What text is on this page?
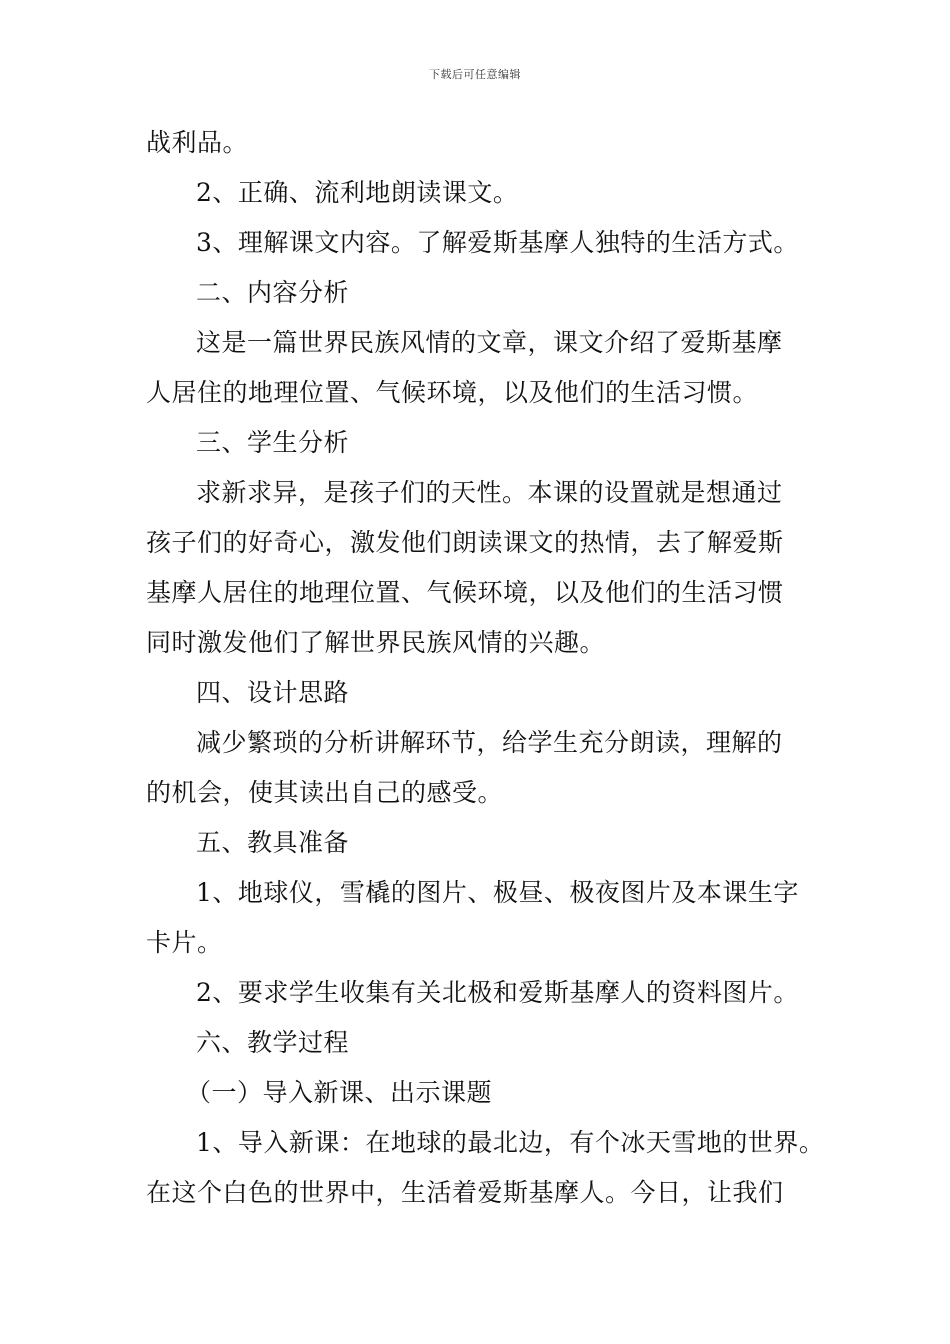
下载后可任意编辑
战利品。
2、正确、流利地朗读课文。
3、理解课文内容。了解爱斯基摩人独特的生活方式。
二、内容分析
这是一篇世界民族风情的文章，课文介绍了爱斯基摩
人居住的地理位置、气候环境，以及他们的生活习惯。
三、学生分析
求新求异，是孩子们的天性。本课的设置就是想通过
孩子们的好奇心，激发他们朗读课文的热情，去了解爱斯
基摩人居住的地理位置、气候环境，以及他们的生活习惯
同时激发他们了解世界民族风情的兴趣。
四、设计思路
减少繁琐的分析讲解环节，给学生充分朗读，理解的
的机会，使其读出自己的感受。
五、教具准备
1、地球仪，雪橇的图片、极昼、极夜图片及本课生字
卡片。
2、要求学生收集有关北极和爱斯基摩人的资料图片。
六、教学过程
（一）导入新课、出示课题
1、导入新课：在地球的最北边，有个冰天雪地的世界。
在这个白色的世界中，生活着爱斯基摩人。今日，让我们
